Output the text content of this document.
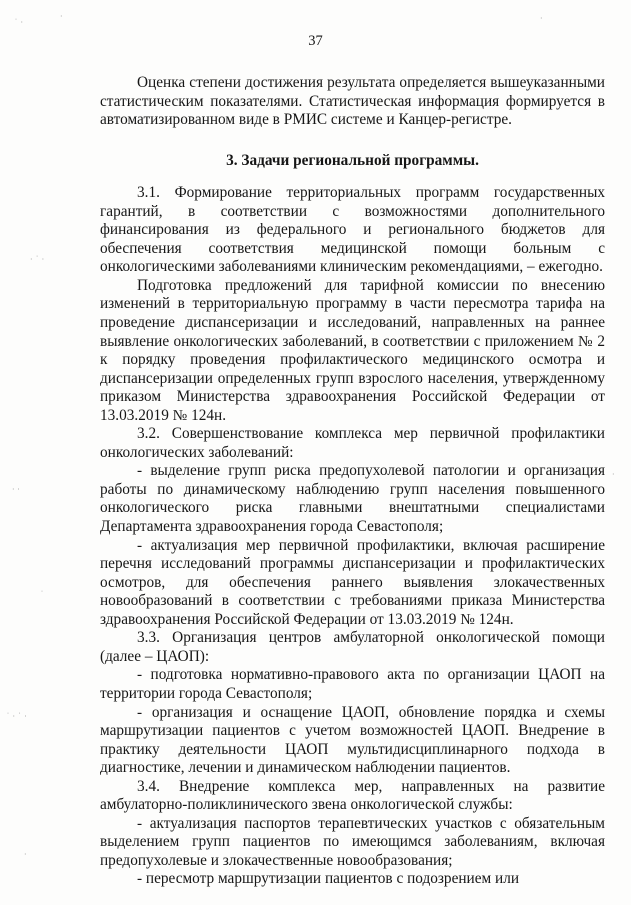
37

Оценка степени достижения результата определяется вышеуказанными статистическим показателями. Статистическая информация формируется в автоматизированном виде в РМИС системе и Канцер-регистре.

3. Задачи региональной программы.

3.1. Формирование территориальных программ государственных гарантий, в соответствии с возможностями дополнительного финансирования из федерального и регионального бюджетов для обеспечения соответствия медицинской помощи больным с онкологическими заболеваниями клиническим рекомендациями, – ежегодно.

Подготовка предложений для тарифной комиссии по внесению изменений в территориальную программу в части пересмотра тарифа на проведение диспансеризации и исследований, направленных на раннее выявление онкологических заболеваний, в соответствии с приложением № 2 к порядку проведения профилактического медицинского осмотра и диспансеризации определенных групп взрослого населения, утвержденному приказом Министерства здравоохранения Российской Федерации от 13.03.2019 № 124н.

3.2. Совершенствование комплекса мер первичной профилактики онкологических заболеваний:

- выделение групп риска предопухолевой патологии и организация работы по динамическому наблюдению групп населения повышенного онкологического риска главными внештатными специалистами Департамента здравоохранения города Севастополя;

- актуализация мер первичной профилактики, включая расширение перечня исследований программы диспансеризации и профилактических осмотров, для обеспечения раннего выявления злокачественных новообразований в соответствии с требованиями приказа Министерства здравоохранения Российской Федерации от 13.03.2019 № 124н.

3.3. Организация центров амбулаторной онкологической помощи (далее – ЦАОП):

- подготовка нормативно-правового акта по организации ЦАОП на территории города Севастополя;

- организация и оснащение ЦАОП, обновление порядка и схемы маршрутизации пациентов с учетом возможностей ЦАОП. Внедрение в практику деятельности ЦАОП мультидисциплинарного подхода в диагностике, лечении и динамическом наблюдении пациентов.

3.4. Внедрение комплекса мер, направленных на развитие амбулаторно-поликлинического звена онкологической службы:

- актуализация паспортов терапевтических участков с обязательным выделением групп пациентов по имеющимся заболеваниям, включая предопухолевые и злокачественные новообразования;

- пересмотр маршрутизации пациентов с подозрением или

˙ ·
·
· ˙ ·
· ·
˙
˙ · ˙ ·
·
·
·
